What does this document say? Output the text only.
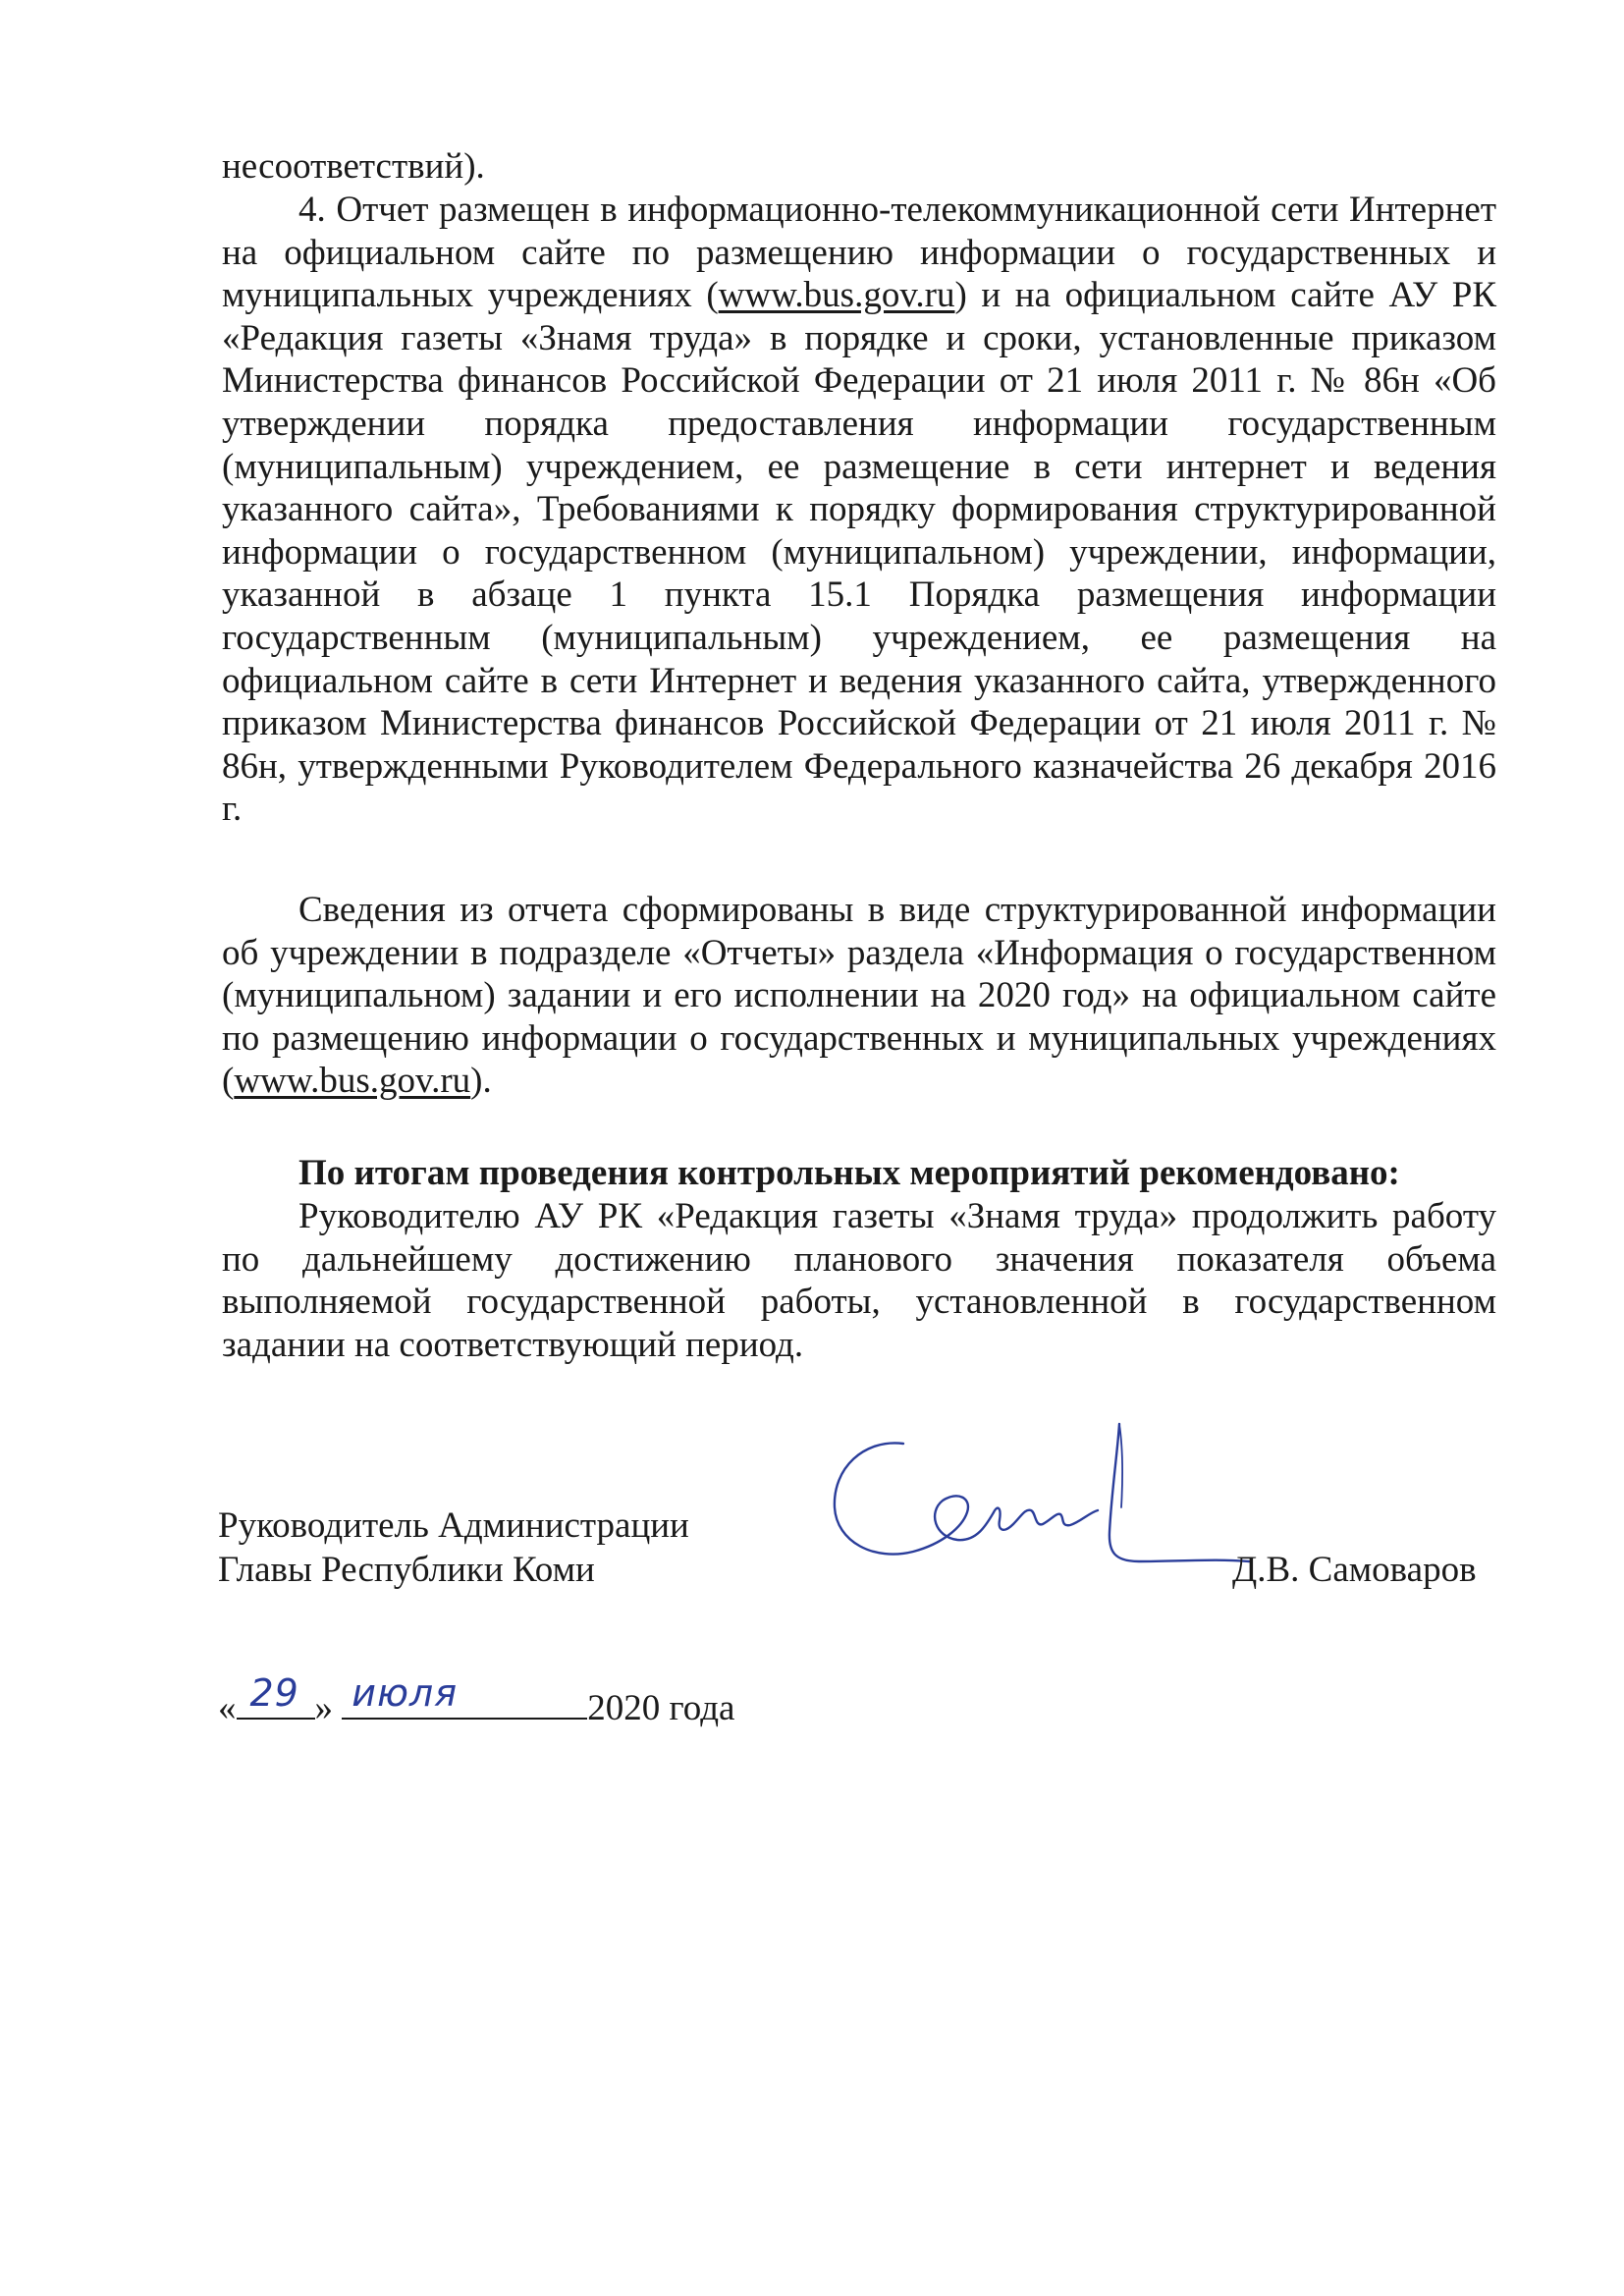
несоответствий).

4. Отчет размещен в информационно-телекоммуникационной сети Интернет на официальном сайте по размещению информации о государственных и муниципальных учреждениях (www.bus.gov.ru) и на официальном сайте АУ РК «Редакция газеты «Знамя труда» в порядке и сроки, установленные приказом Министерства финансов Российской Федерации от 21 июля 2011 г. № 86н «Об утверждении порядка предоставления информации государственным (муниципальным) учреждением, ее размещение в сети интернет и ведения указанного сайта», Требованиями к порядку формирования структурированной информации о государственном (муниципальном) учреждении, информации, указанной в абзаце 1 пункта 15.1 Порядка размещения информации государственным (муниципальным) учреждением, ее размещения на официальном сайте в сети Интернет и ведения указанного сайта, утвержденного приказом Министерства финансов Российской Федерации от 21 июля 2011 г. № 86н, утвержденными Руководителем Федерального казначейства 26 декабря 2016 г.

Сведения из отчета сформированы в виде структурированной информации об учреждении в подразделе «Отчеты» раздела «Информация о государственном (муниципальном) задании и его исполнении на 2020 год» на официальном сайте по размещению информации о государственных и муниципальных учреждениях (www.bus.gov.ru).

По итогам проведения контрольных мероприятий рекомендовано:

Руководителю АУ РК «Редакция газеты «Знамя труда» продолжить работу по дальнейшему достижению планового значения показателя объема выполняемой государственной работы, установленной в государственном задании на соответствующий период.

Руководитель Администрации
Главы Республики Коми	Д.В. Самоваров
« 29 » июля	2020 года
